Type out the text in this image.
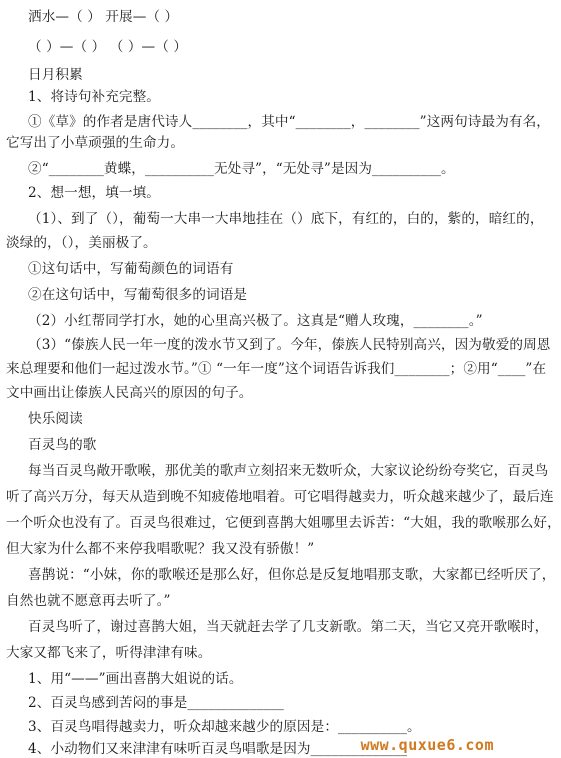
洒水—（ ） 开展—（ ）
（ ）—（ ） （ ）—（ ）
日月积累
1、将诗句补充完整。
①《草》的作者是唐代诗人________，其中“________，________”这两句诗最为有名，
它写出了小草顽强的生命力。
②“________黄蝶，__________无处寻”，“无处寻”是因为__________。
2、想一想，填一填。
（1）、到了（），葡萄一大串一大串地挂在（）底下，有红的，白的，紫的，暗红的，
淡绿的，（），美丽极了。
①这句话中，写葡萄颜色的词语有
②在这句话中，写葡萄很多的词语是
（2）小红帮同学打水，她的心里高兴极了。这真是“赠人玫瑰，________。”
（3）“傣族人民一年一度的泼水节又到了。今年，傣族人民特别高兴，因为敬爱的周恩
来总理要和他们一起过泼水节。”① “一年一度”这个词语告诉我们________；②用“____”在
文中画出让傣族人民高兴的原因的句子。
快乐阅读
百灵鸟的歌
每当百灵鸟敞开歌喉，那优美的歌声立刻招来无数听众，大家议论纷纷夸奖它，百灵鸟
听了高兴万分，每天从造到晚不知疲倦地唱着。可它唱得越卖力，听众越来越少了，最后连
一个听众也没有了。百灵鸟很难过，它便到喜鹊大姐哪里去诉苦：“大姐，我的歌喉那么好，
但大家为什么都不来停我唱歌呢？我又没有骄傲！”
喜鹊说：“小妹，你的歌喉还是那么好，但你总是反复地唱那支歌，大家都已经听厌了，
自然也就不愿意再去听了。”
百灵鸟听了，谢过喜鹊大姐，当天就赶去学了几支新歌。第二天，当它又亮开歌喉时，
大家又都飞来了，听得津津有味。
1、用“——”画出喜鹊大姐说的话。
2、百灵鸟感到苦闷的事是______________
3、百灵鸟唱得越卖力，听众却越来越少的原因是：__________。
4、小动物们又来津津有味听百灵鸟唱歌是因为______________
www.quxue6.com
